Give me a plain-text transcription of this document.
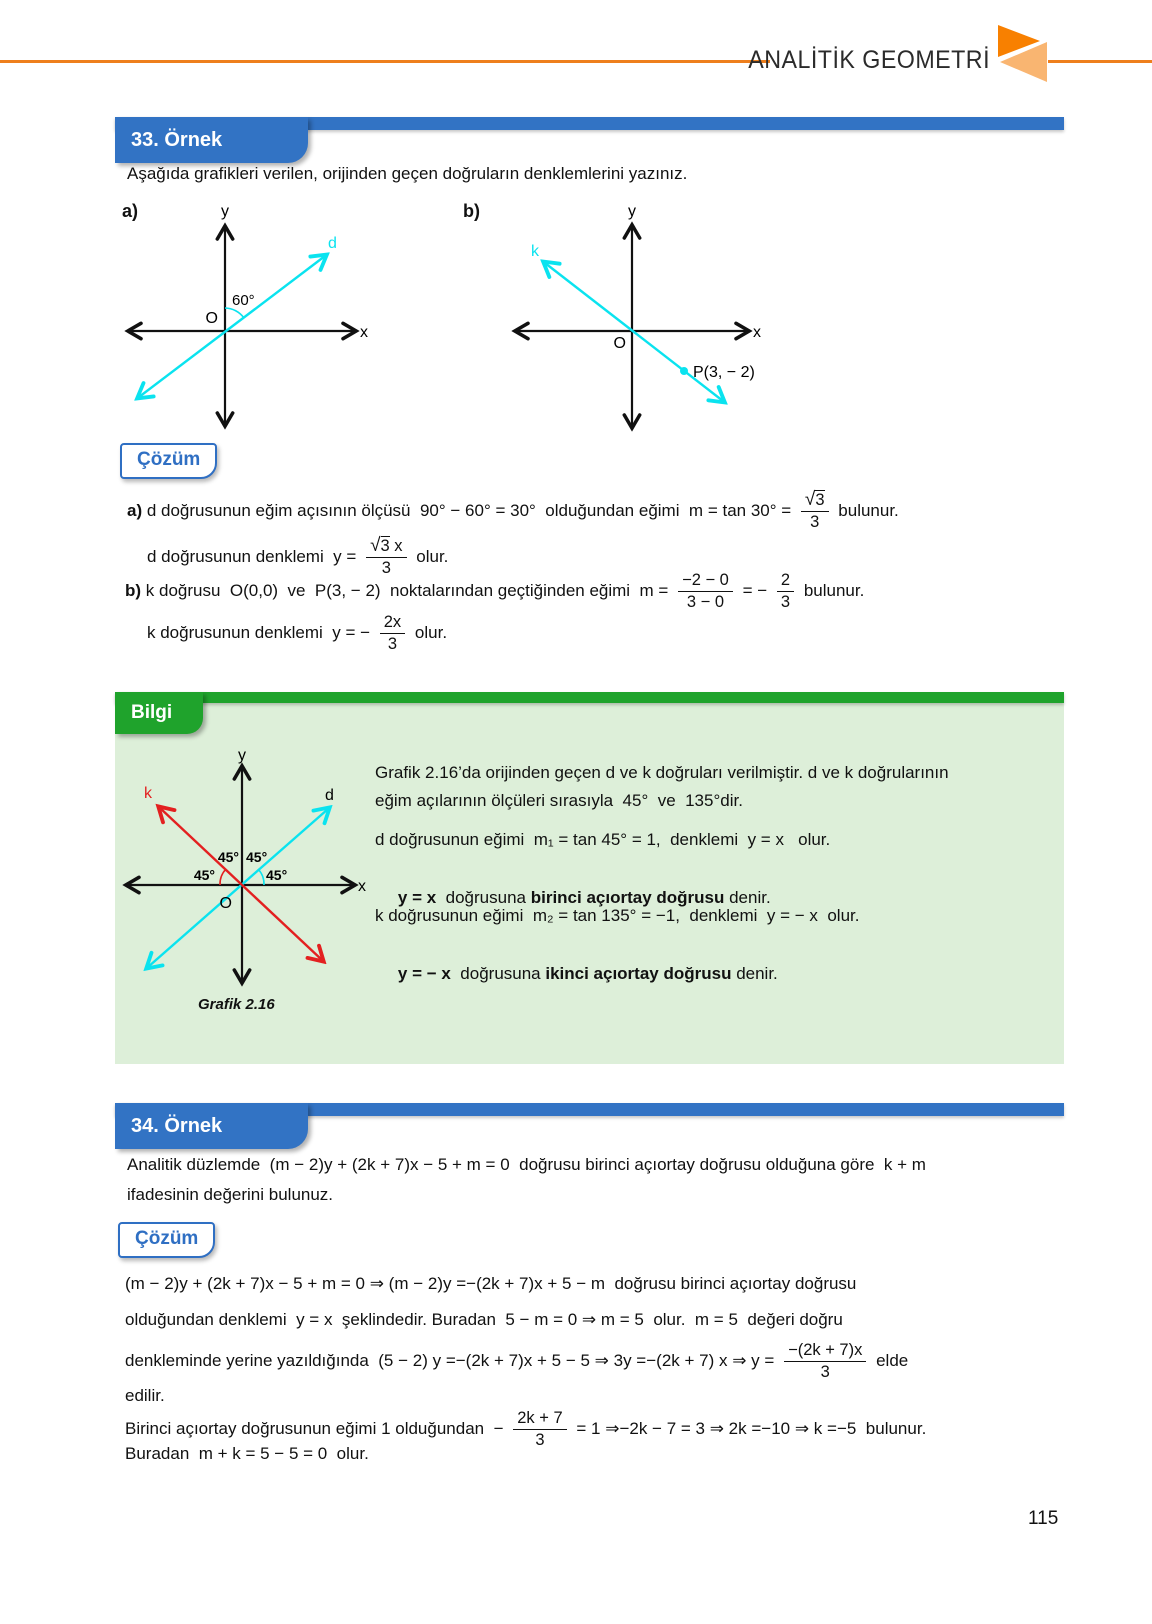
ANALİTİK GEOMETRİ
33. Örnek
Aşağıda grafikleri verilen, orijinden geçen doğruların denklemlerini yazınız.
a)	y
x
O
60°
d
b)	y
x
O
k
P(3, − 2)
Çözüm
a) d doğrusunun eğim açısının ölçüsü  90° − 60° = 30°  olduğundan eğimi  $m = \tan 30^\circ = \frac{√3}{3}$ bulunur.
d doğrusunun denklemi  $y = \frac{√3 x}{3}$ olur.
b) k doğrusu  O(0,0)  ve  P(3, − 2)  noktalarından geçtiğinden eğimi  $m = \frac{-2 - 0}{3 - 0}$ = − $\frac{2}{3}$ bulunur.
k doğrusunun denklemi  y = − $\frac{2x}{3}$ olur.
Bilgi
y
x
O
k	d
45° 45°
45°	45°
Grafik 2.16
Grafik 2.16’da orijinden geçen d ve k doğruları verilmiştir. d ve k doğrularının
eğim açılarının ölçüleri sırasıyla  45°  ve  135°dir.
d doğrusunun eğimi  m₁ = tan 45° = 1,  denklemi  y = x   olur.

y = x  doğrusuna birinci açıortay doğrusu denir.

k doğrusunun eğimi  m₂ = tan 135° = −1,  denklemi  y = − x  olur.

y = − x  doğrusuna ikinci açıortay doğrusu denir.

34. Örnek
Analitik düzlemde  (m − 2)y + (2k + 7)x − 5 + m = 0  doğrusu birinci açıortay doğrusu olduğuna göre  k + m
ifadesinin değerini bulunuz.
Çözüm
(m − 2)y + (2k + 7)x − 5 + m = 0 ⇒ (m − 2)y =−(2k + 7)x + 5 − m  doğrusu birinci açıortay doğrusu
olduğundan denklemi  y = x  şeklindedir. Buradan  5 − m = 0 ⇒ m = 5  olur.  m = 5  değeri doğru
denkleminde yerine yazıldığında  (5 − 2) y =−(2k + 7)x + 5 − 5 ⇒ 3y =−(2k + 7) x ⇒ $y = \frac{-(2k + 7)x}{3}$ elde
edilir.
Birinci açıortay doğrusunun eğimi 1 olduğundan  − $\frac{2k + 7}{3} = 1$ ⇒−2k − 7 = 3 ⇒ 2k =−10 ⇒ k =−5  bulunur.
Buradan  m + k = 5 − 5 = 0  olur.
115
